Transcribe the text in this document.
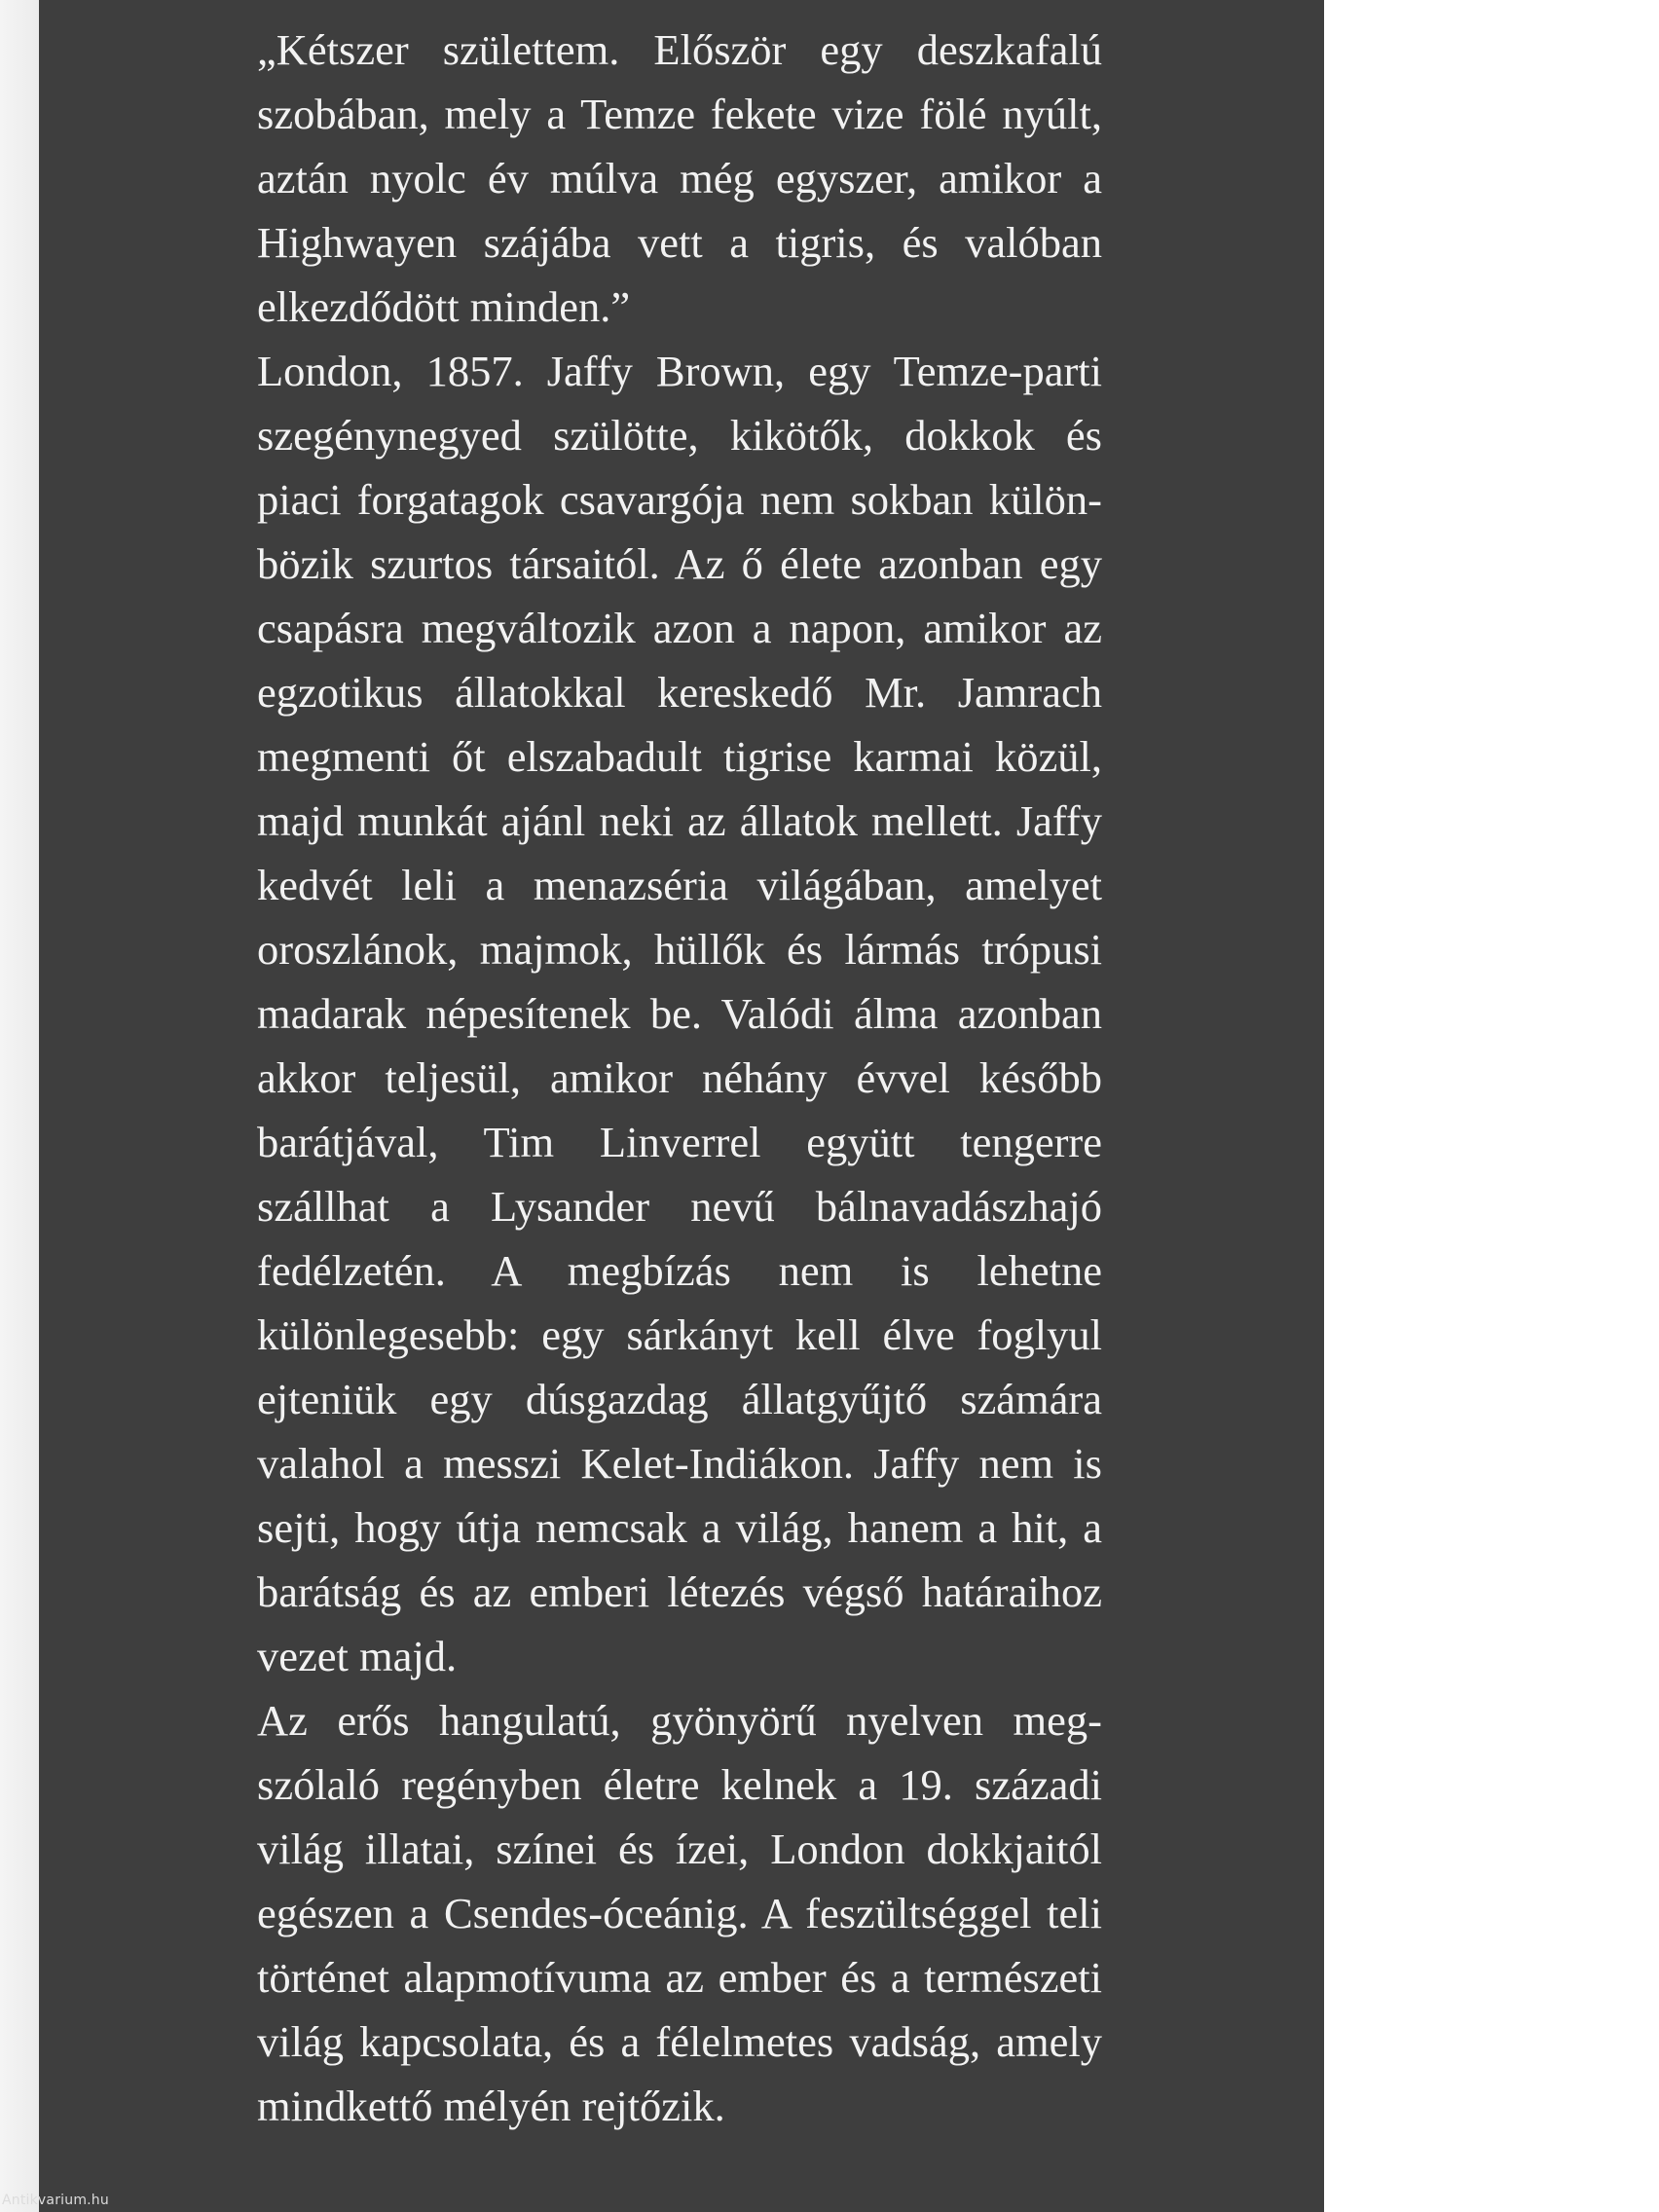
„Kétszer születtem. Először egy deszkafalú szobában, mely a Temze fekete vize fölé nyúlt, aztán nyolc év múlva még egyszer, amikor a Highwayen szájába vett a tigris, és valóban elkezdődött minden.”

London, 1857. Jaffy Brown, egy Temze-parti szegénynegyed szülötte, kikötők, dokkok és piaci forgatagok csavargója nem sokban különbözik szurtos társaitól. Az ő élete azonban egy csapásra megváltozik azon a napon, amikor az egzotikus állatokkal kereskedő Mr. Jamrach megmenti őt elszabadult tigrise karmai közül, majd munkát ajánl neki az állatok mellett. Jaffy kedvét leli a menazséria világában, amelyet oroszlánok, majmok, hüllők és lármás trópusi madarak népesítenek be. Valódi álma azonban akkor teljesül, amikor néhány évvel később barátjával, Tim Linverrel együtt tengerre szállhat a Lysander nevű bálnavadászhajó fedélzetén. A megbízás nem is lehetne különlegesebb: egy sárkányt kell élve foglyul ejteniük egy dúsgazdag állatgyűjtő számára valahol a messzi Kelet-Indiákon. Jaffy nem is sejti, hogy útja nemcsak a világ, hanem a hit, a barátság és az emberi létezés végső határaihoz vezet majd.

Az erős hangulatú, gyönyörű nyelven megszólaló regényben életre kelnek a 19. századi világ illatai, színei és ízei, London dokkjaitól egészen a Csendes-óceánig. A feszültséggel teli történet alapmotívuma az ember és a természeti világ kapcsolata, és a félelmetes vadság, amely mindkettő mélyén rejtőzik.

Antikvarium.hu
